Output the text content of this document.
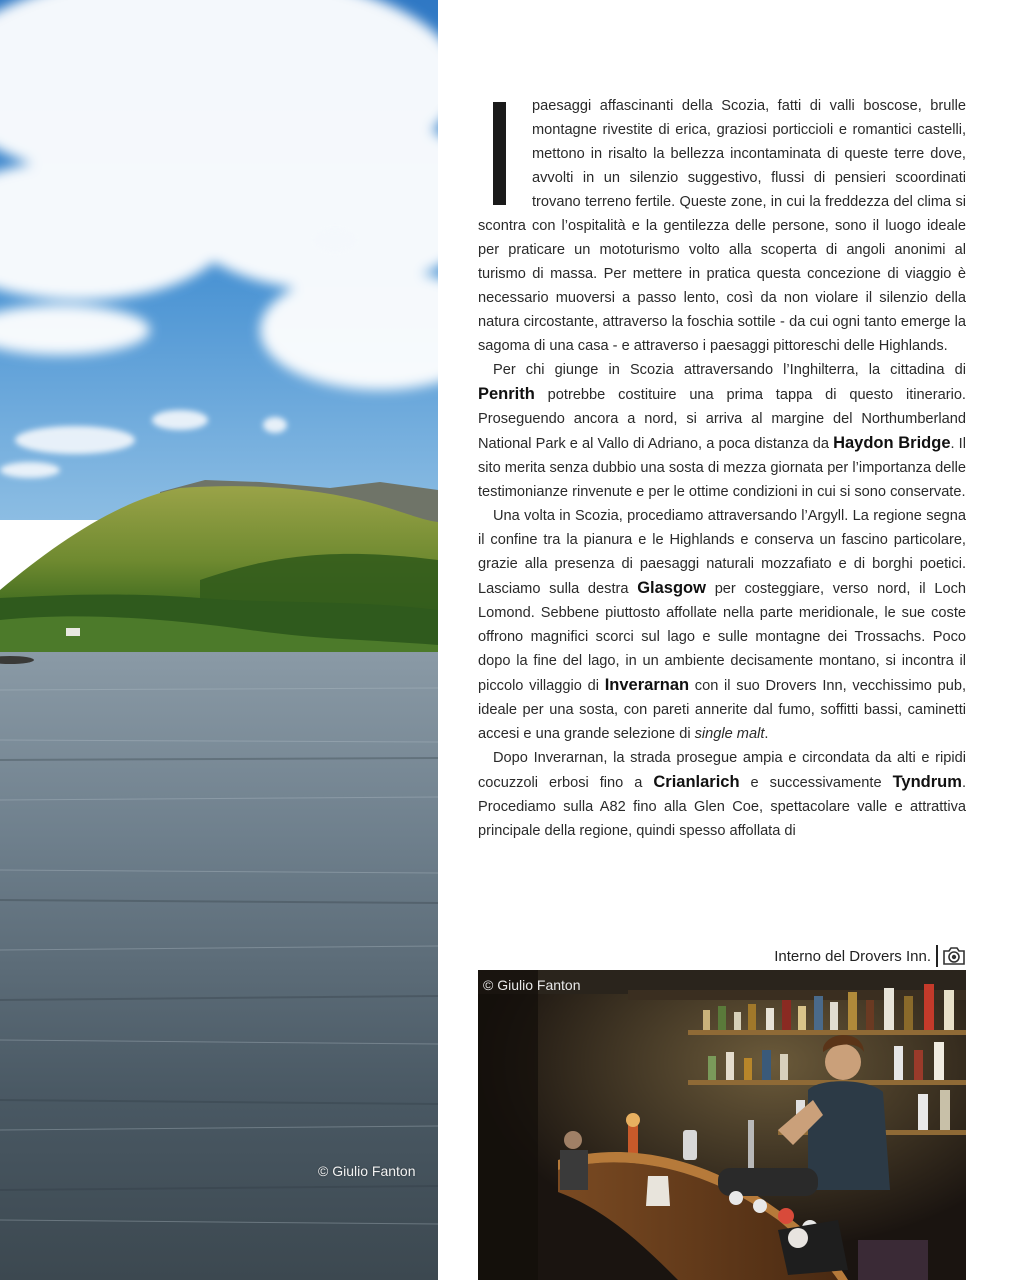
© Giulio Fanton

paesaggi affascinanti della Scozia, fatti di valli boscose, brulle montagne rivestite di erica, graziosi porticcioli e romantici castelli, mettono in risalto la bellezza incontaminata di queste terre dove, avvolti in un silenzio suggestivo, flussi di pensieri scoordinati trovano terreno fertile. Queste zone, in cui la freddezza del clima si scontra con l’ospitalità e la gentilezza delle persone, sono il luogo ideale per praticare un mototurismo volto alla scoperta di angoli anonimi al turismo di massa. Per mettere in pratica questa concezione di viaggio è necessario muoversi a passo lento, così da non violare il silenzio della natura circostante, attraverso la foschia sottile - da cui ogni tanto emerge la sagoma di una casa - e attraverso i paesaggi pittoreschi delle Highlands.

Per chi giunge in Scozia attraversando l’Inghilterra, la cittadina di Penrith potrebbe costituire una prima tappa di questo itinerario. Proseguendo ancora a nord, si arriva al margine del Northumberland National Park e al Vallo di Adriano, a poca distanza da Haydon Bridge. Il sito merita senza dubbio una sosta di mezza giornata per l’importanza delle testimonianze rinvenute e per le ottime condizioni in cui si sono conservate.

Una volta in Scozia, procediamo attraversando l’Argyll. La regione segna il confine tra la pianura e le Highlands e conserva un fascino particolare, grazie alla presenza di paesaggi naturali mozzafiato e di borghi poetici. Lasciamo sulla destra Glasgow per costeggiare, verso nord, il Loch Lomond. Sebbene piuttosto affollate nella parte meridionale, le sue coste offrono magnifici scorci sul lago e sulle montagne dei Trossachs. Poco dopo la fine del lago, in un ambiente decisamente montano, si incontra il piccolo villaggio di Inverarnan con il suo Drovers Inn, vecchissimo pub, ideale per una sosta, con pareti annerite dal fumo, soffitti bassi, caminetti accesi e una grande selezione di single malt.

Dopo Inverarnan, la strada prosegue ampia e circondata da alti e ripidi cocuzzoli erbosi fino a Crianlarich e successivamente Tyndrum. Procediamo sulla A82 fino alla Glen Coe, spettacolare valle e attrattiva principale della regione, quindi spesso affollata di

Interno del Drovers Inn.
© Giulio Fanton
